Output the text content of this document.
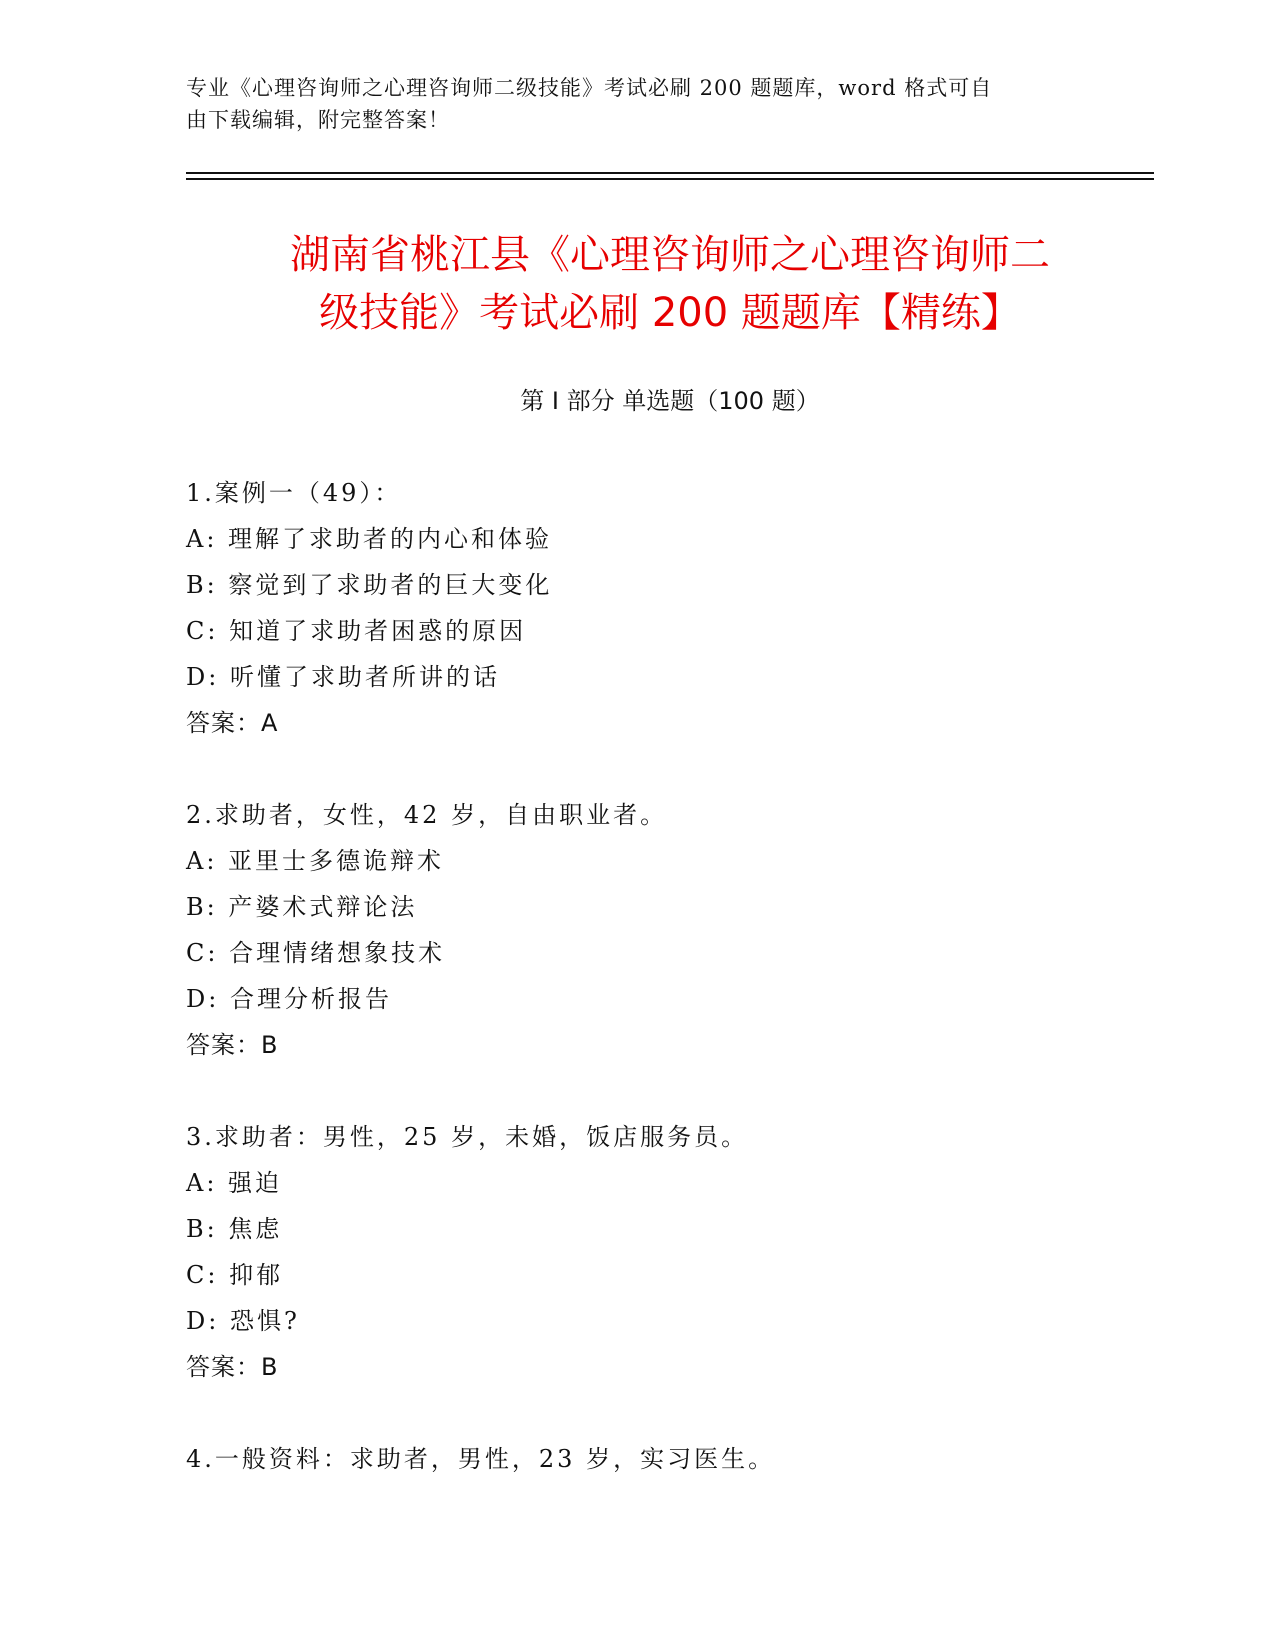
专业《心理咨询师之心理咨询师二级技能》考试必刷 200 题题库，word 格式可自
由下载编辑，附完整答案！
湖南省桃江县《心理咨询师之心理咨询师二
级技能》考试必刷 200 题题库【精练】
第 I 部分 单选题（100 题）
1.案例一（49）：
A: 理解了求助者的内心和体验
B: 察觉到了求助者的巨大变化
C: 知道了求助者困惑的原因
D: 听懂了求助者所讲的话
答案：A
2.求助者，女性，42 岁，自由职业者。
A: 亚里士多德诡辩术
B: 产婆术式辩论法
C: 合理情绪想象技术
D: 合理分析报告
答案：B
3.求助者：男性，25 岁，未婚，饭店服务员。
A: 强迫
B: 焦虑
C: 抑郁
D: 恐惧?
答案：B
4.一般资料：求助者，男性，23 岁，实习医生。
